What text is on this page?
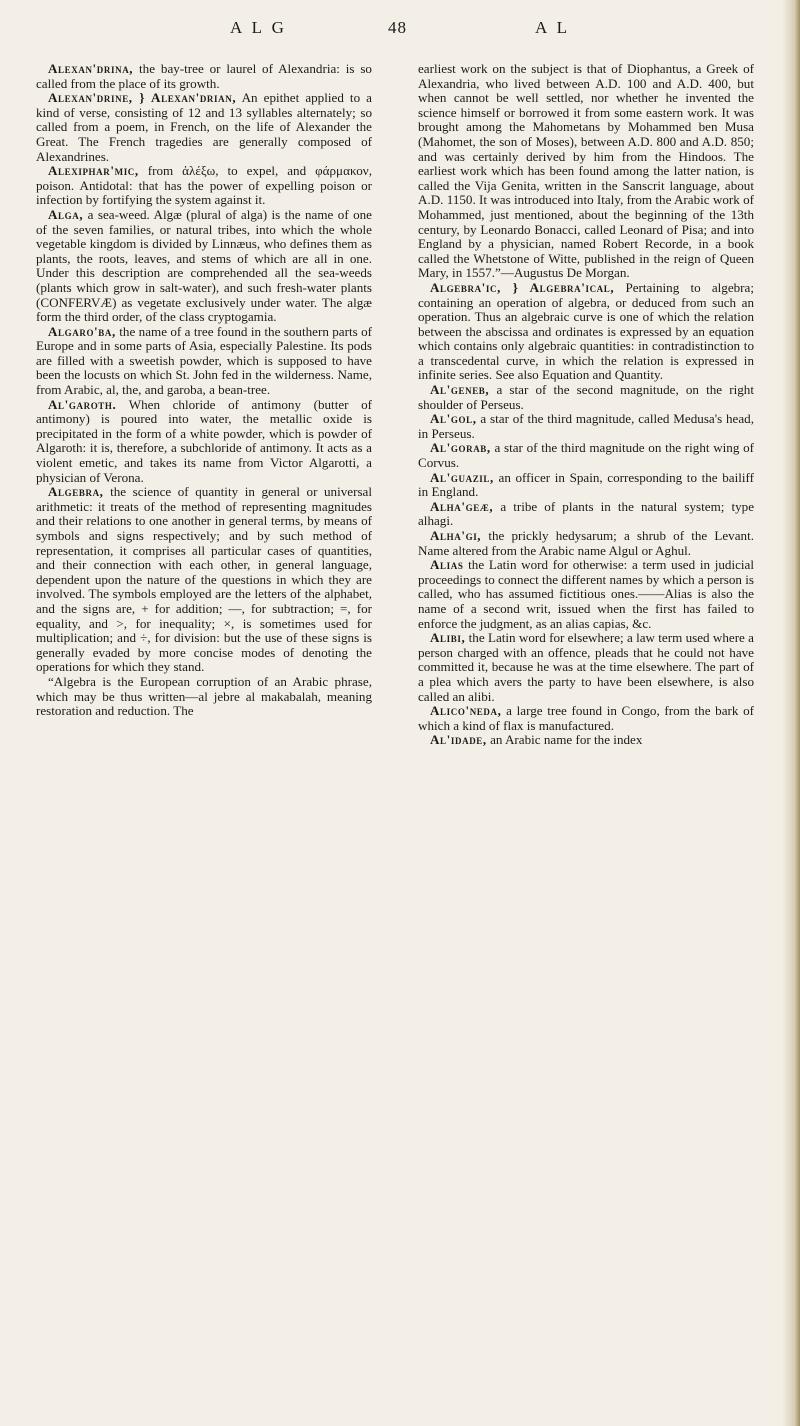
A L G	48	A L

Alexan'drina, the bay-tree or laurel of Alexandria: is so called from the place of its growth.

Alexan'drine, } Alexan'drian, An epithet applied to a kind of verse, consisting of 12 and 13 syllables alternately; so called from a poem, in French, on the life of Alexander the Great. The French tragedies are generally composed of Alexandrines.

Alexiphar'mic, from ἀλέξω, to expel, and φάρμακον, poison. Antidotal: that has the power of expelling poison or infection by fortifying the system against it.

Alga, a sea-weed. Algæ (plural of alga) is the name of one of the seven families, or natural tribes, into which the whole vegetable kingdom is divided by Linnæus, who defines them as plants, the roots, leaves, and stems of which are all in one. Under this description are comprehended all the sea-weeds (plants which grow in salt-water), and such fresh-water plants (CONFERVÆ) as vegetate exclusively under water. The algæ form the third order, of the class cryptogamia.

Algaro'ba, the name of a tree found in the southern parts of Europe and in some parts of Asia, especially Palestine. Its pods are filled with a sweetish powder, which is supposed to have been the locusts on which St. John fed in the wilderness. Name, from Arabic, al, the, and garoba, a bean-tree.

Al'garoth. When chloride of antimony (butter of antimony) is poured into water, the metallic oxide is precipitated in the form of a white powder, which is powder of Algaroth: it is, therefore, a subchloride of antimony. It acts as a violent emetic, and takes its name from Victor Algarotti, a physician of Verona.

Algebra, the science of quantity in general or universal arithmetic: it treats of the method of representing magnitudes and their relations to one another in general terms, by means of symbols and signs respectively; and by such method of representation, it comprises all particular cases of quantities, and their connection with each other, in general language, dependent upon the nature of the questions in which they are involved. The symbols employed are the letters of the alphabet, and the signs are, + for addition; —, for subtraction; =, for equality, and >, for inequality; ×, is sometimes used for multiplication; and ÷, for division: but the use of these signs is generally evaded by more concise modes of denoting the operations for which they stand.

“Algebra is the European corruption of an Arabic phrase, which may be thus written—al jebre al makabalah, meaning restoration and reduction. The

earliest work on the subject is that of Diophantus, a Greek of Alexandria, who lived between A.D. 100 and A.D. 400, but when cannot be well settled, nor whether he invented the science himself or borrowed it from some eastern work. It was brought among the Mahometans by Mohammed ben Musa (Mahomet, the son of Moses), between A.D. 800 and A.D. 850; and was certainly derived by him from the Hindoos. The earliest work which has been found among the latter nation, is called the Vija Genita, written in the Sanscrit language, about A.D. 1150. It was introduced into Italy, from the Arabic work of Mohammed, just mentioned, about the beginning of the 13th century, by Leonardo Bonacci, called Leonard of Pisa; and into England by a physician, named Robert Recorde, in a book called the Whetstone of Witte, published in the reign of Queen Mary, in 1557.”—Augustus De Morgan.

Algebra'ic, } Algebra'ical, Pertaining to algebra; containing an operation of algebra, or deduced from such an operation. Thus an algebraic curve is one of which the relation between the abscissa and ordinates is expressed by an equation which contains only algebraic quantities: in contradistinction to a transcedental curve, in which the relation is expressed in infinite series. See also Equation and Quantity.

Al'geneb, a star of the second magnitude, on the right shoulder of Perseus.

Al'gol, a star of the third magnitude, called Medusa's head, in Perseus.

Al'gorab, a star of the third magnitude on the right wing of Corvus.

Al'guazil, an officer in Spain, corresponding to the bailiff in England.

Alha'geæ, a tribe of plants in the natural system; type alhagi.

Alha'gi, the prickly hedysarum; a shrub of the Levant. Name altered from the Arabic name Algul or Aghul.

Alias the Latin word for otherwise: a term used in judicial proceedings to connect the different names by which a person is called, who has assumed fictitious ones.——Alias is also the name of a second writ, issued when the first has failed to enforce the judgment, as an alias capias, &c.

Alibi, the Latin word for elsewhere; a law term used where a person charged with an offence, pleads that he could not have committed it, because he was at the time elsewhere. The part of a plea which avers the party to have been elsewhere, is also called an alibi.

Alico'neda, a large tree found in Congo, from the bark of which a kind of flax is manufactured.

Al'idade, an Arabic name for the index
